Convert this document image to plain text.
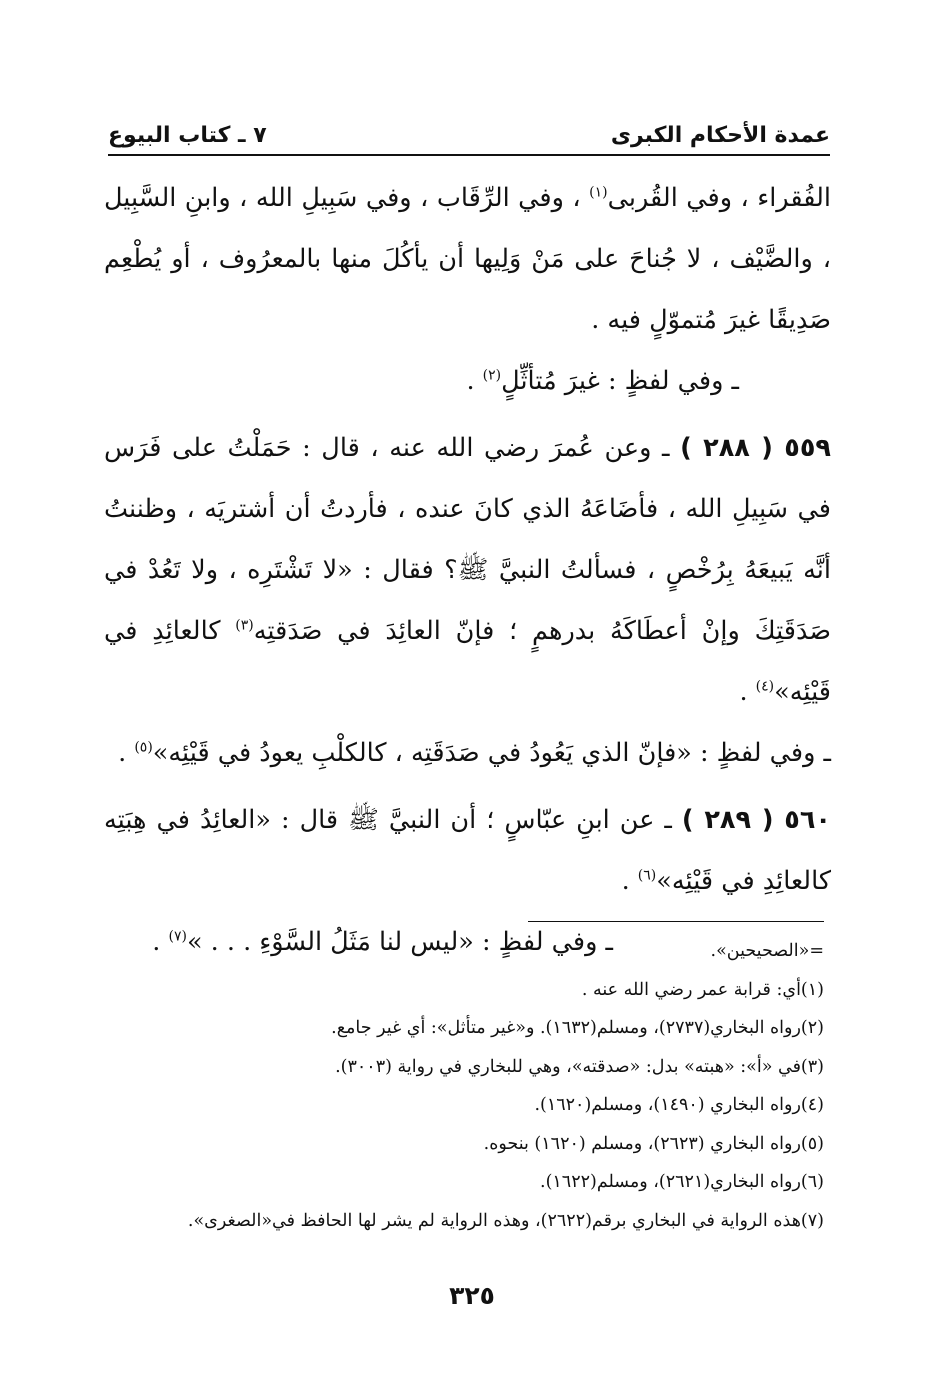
٧ ـ كتاب البيوع	عمدة الأحكام الكبرى

الفُقراء ، وفي القُربى$^{(١)}$ ، وفي الرِّقَاب ، وفي سَبِيلِ الله ، وابنِ السَّبِيل ، والضَّيْف ، لا جُناحَ على مَنْ وَلِيها أن يأكُلَ منها بالمعرُوف ، أو يُطْعِم صَدِيقًا غيرَ مُتموّلٍ فيه .

ـ وفي لفظٍ : غيرَ مُتأثِّلٍ$^{(٢)}$ .

٥٥٩ ( ٢٨٨ ) ـ وعن عُمرَ رضي الله عنه ، قال : حَمَلْتُ على فَرَس في سَبِيلِ الله ، فأضَاعَهُ الذي كانَ عنده ، فأردتُ أن أشتريَه ، وظننتُ أنَّه يَبيعَهُ بِرُخْصٍ ، فسألتُ النبيَّ ﷺ؟ فقال : «لا تَشْتَرِه ، ولا تَعُدْ في صَدَقَتِكَ وإنْ أعطَاكَهُ بدرهمٍ ؛ فإنّ العائِدَ في صَدَقتِه$^{(٣)}$ كالعائِدِ في قَيْئِه»$^{(٤)}$ .

ـ وفي لفظٍ : «فإنّ الذي يَعُودُ في صَدَقَتِه ، كالكلْبِ يعودُ في قَيْئِه»$^{(٥)}$ .

٥٦٠ ( ٢٨٩ ) ـ عن ابنِ عبّاسٍ ؛ أن النبيَّ ﷺ قال : «العائِدُ في هِبَتِه كالعائِدِ في قَيْئِه»$^{(٦)}$ .

ـ وفي لفظٍ : «ليس لنا مَثَلُ السَّوْءِ . . . »$^{(٧)}$ .	=«الصحيحين».

(١)أي: قرابة عمر رضي الله عنه .

(٢)رواه البخاري(٢٧٣٧)، ومسلم(١٦٣٢). و«غير متأثل»: أي غير جامع.

(٣)في «أ»: «هبته» بدل: «صدقته»، وهي للبخاري في رواية (٣٠٠٣).

(٤)رواه البخاري (١٤٩٠)، ومسلم(١٦٢٠).

(٥)رواه البخاري (٢٦٢٣)، ومسلم (١٦٢٠) بنحوه.

(٦)رواه البخاري(٢٦٢١)، ومسلم(١٦٢٢).

(٧)هذه الرواية في البخاري برقم(٢٦٢٢)، وهذه الرواية لم يشر لها الحافظ في«الصغرى».

٣٢٥
